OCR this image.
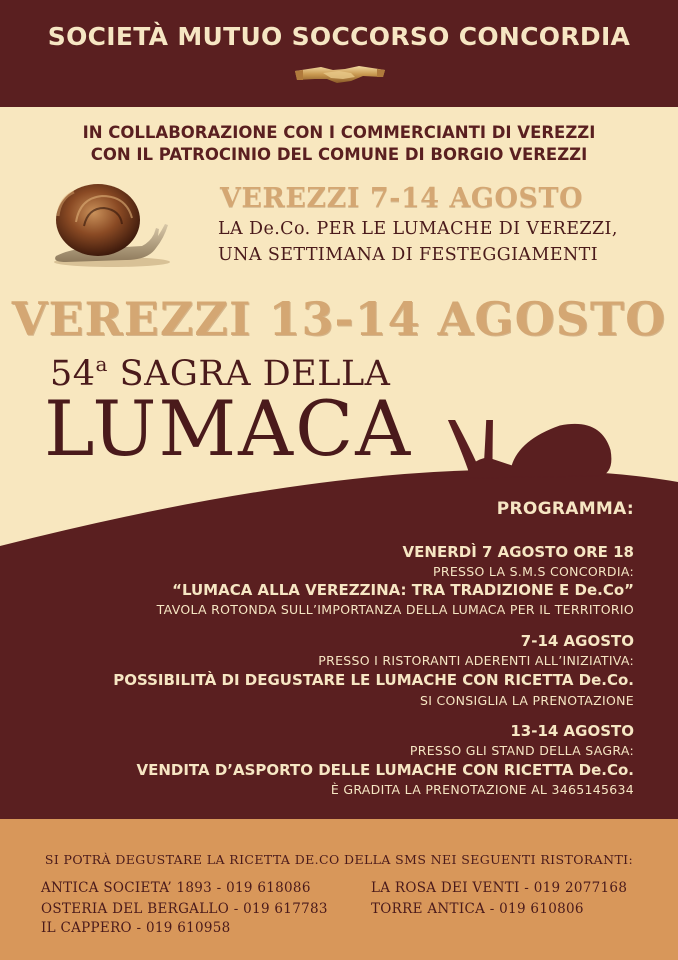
SOCIETÀ MUTUO SOCCORSO CONCORDIA
IN COLLABORAZIONE CON I COMMERCIANTI DI VEREZZI
CON IL PATROCINIO DEL COMUNE DI BORGIO VEREZZI
VEREZZI 7-14 AGOSTO
LA De.Co. PER LE LUMACHE DI VEREZZI,
UNA SETTIMANA DI FESTEGGIAMENTI
VEREZZI 13-14 AGOSTO
54$^a$ SAGRA DELLA
LUMACA
PROGRAMMA:
VENERDÌ 7 AGOSTO ORE 18
PRESSO LA S.M.S CONCORDIA:
“LUMACA ALLA VEREZZINA: TRA TRADIZIONE E De.Co”
TAVOLA ROTONDA SULL’IMPORTANZA DELLA LUMACA PER IL TERRITORIO
7-14 AGOSTO
PRESSO I RISTORANTI ADERENTI ALL’INIZIATIVA:
POSSIBILITÀ DI DEGUSTARE LE LUMACHE CON RICETTA De.Co.
SI CONSIGLIA LA PRENOTAZIONE
13-14 AGOSTO
PRESSO GLI STAND DELLA SAGRA:
VENDITA D’ASPORTO DELLE LUMACHE CON RICETTA De.Co.
È GRADITA LA PRENOTAZIONE AL 3465145634
SI POTRÀ DEGUSTARE LA RICETTA DE.CO DELLA SMS NEI SEGUENTI RISTORANTI:
ANTICA SOCIETA’ 1893 - 019 618086
OSTERIA DEL BERGALLO - 019 617783
IL CAPPERO - 019 610958
LA ROSA DEI VENTI - 019 2077168
TORRE ANTICA - 019 610806
